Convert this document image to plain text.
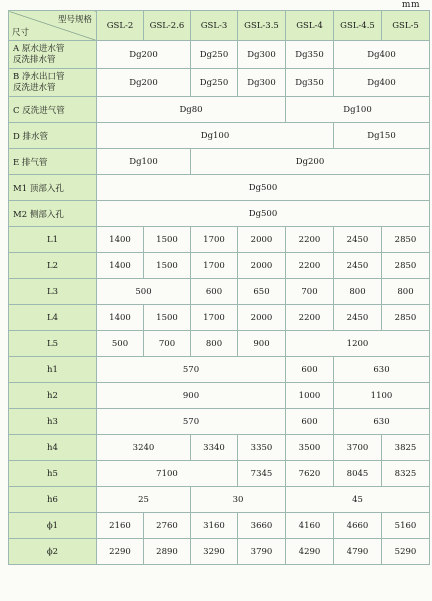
mm
型号规格
尺寸	GSL-2	GSL-2.6	GSL-3	GSL-3.5	GSL-4	GSL-4.5	GSL-5

A 原水进水管
反洗排水管	Dg200		Dg250	Dg300	Dg350	Dg400	

B 净水出口管
反洗进水管	Dg200		Dg250	Dg300	Dg350	Dg400	

C 反洗进气管	Dg80				Dg100		

D 排水管	Dg100					Dg150	

E 排气管	Dg100		Dg200				

M1 顶部入孔	Dg500						

M2 侧部入孔	Dg500						

L1	1400	1500	1700	2000	2200	2450	2850

L2	1400	1500	1700	2000	2200	2450	2850

L3	500		600	650	700	800	800

L4	1400	1500	1700	2000	2200	2450	2850

L5	500	700	800	900	1200		

h1	570				600	630	

h2	900				1000	1100	

h3	570				600	630	

h4	3240		3340	3350	3500	3700	3825

h5	7100			7345	7620	8045	8325

h6	25		30		45		

ϕ1	2160	2760	3160	3660	4160	4660	5160

ϕ2	2290	2890	3290	3790	4290	4790	5290
